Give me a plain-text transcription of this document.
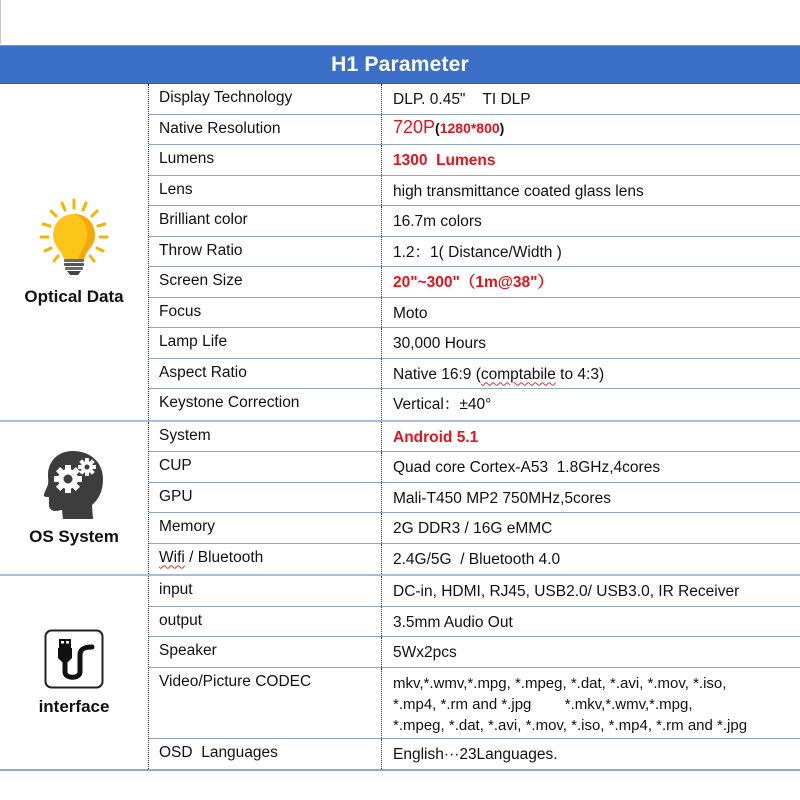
H1 Parameter
Optical Data
Display Technology	DLP. 0.45"    TI DLP
Native Resolution	720P(1280*800)
Lumens	1300  Lumens
Lens	high transmittance coated glass lens
Brilliant color	16.7m colors
Throw Ratio	1.2：1( Distance/Width )
Screen Size	20"~300"（1m@38"）
Focus	Moto
Lamp Life	30,000 Hours
Aspect Ratio	Native 16:9 (comptabile to 4:3)
Keystone Correction	Vertical：±40°
OS System
System	Android 5.1
CUP	Quad core Cortex-A53  1.8GHz,4cores
GPU	Mali-T450 MP2 750MHz,5cores
Memory	2G DDR3 / 16G eMMC
Wifi / Bluetooth	2.4G/5G  / Bluetooth 4.0
interface
input	DC-in, HDMI, RJ45, USB2.0/ USB3.0, IR Receiver
output	3.5mm Audio Out
Speaker	5Wx2pcs
Video/Picture CODEC	mkv,*.wmv,*.mpg, *.mpeg, *.dat, *.avi, *.mov, *.iso,
*.mp4, *.rm and *.jpg        *.mkv,*.wmv,*.mpg,
*.mpeg, *.dat, *.avi, *.mov, *.iso, *.mp4, *.rm and *.jpg
OSD  Languages	English···23Languages.
